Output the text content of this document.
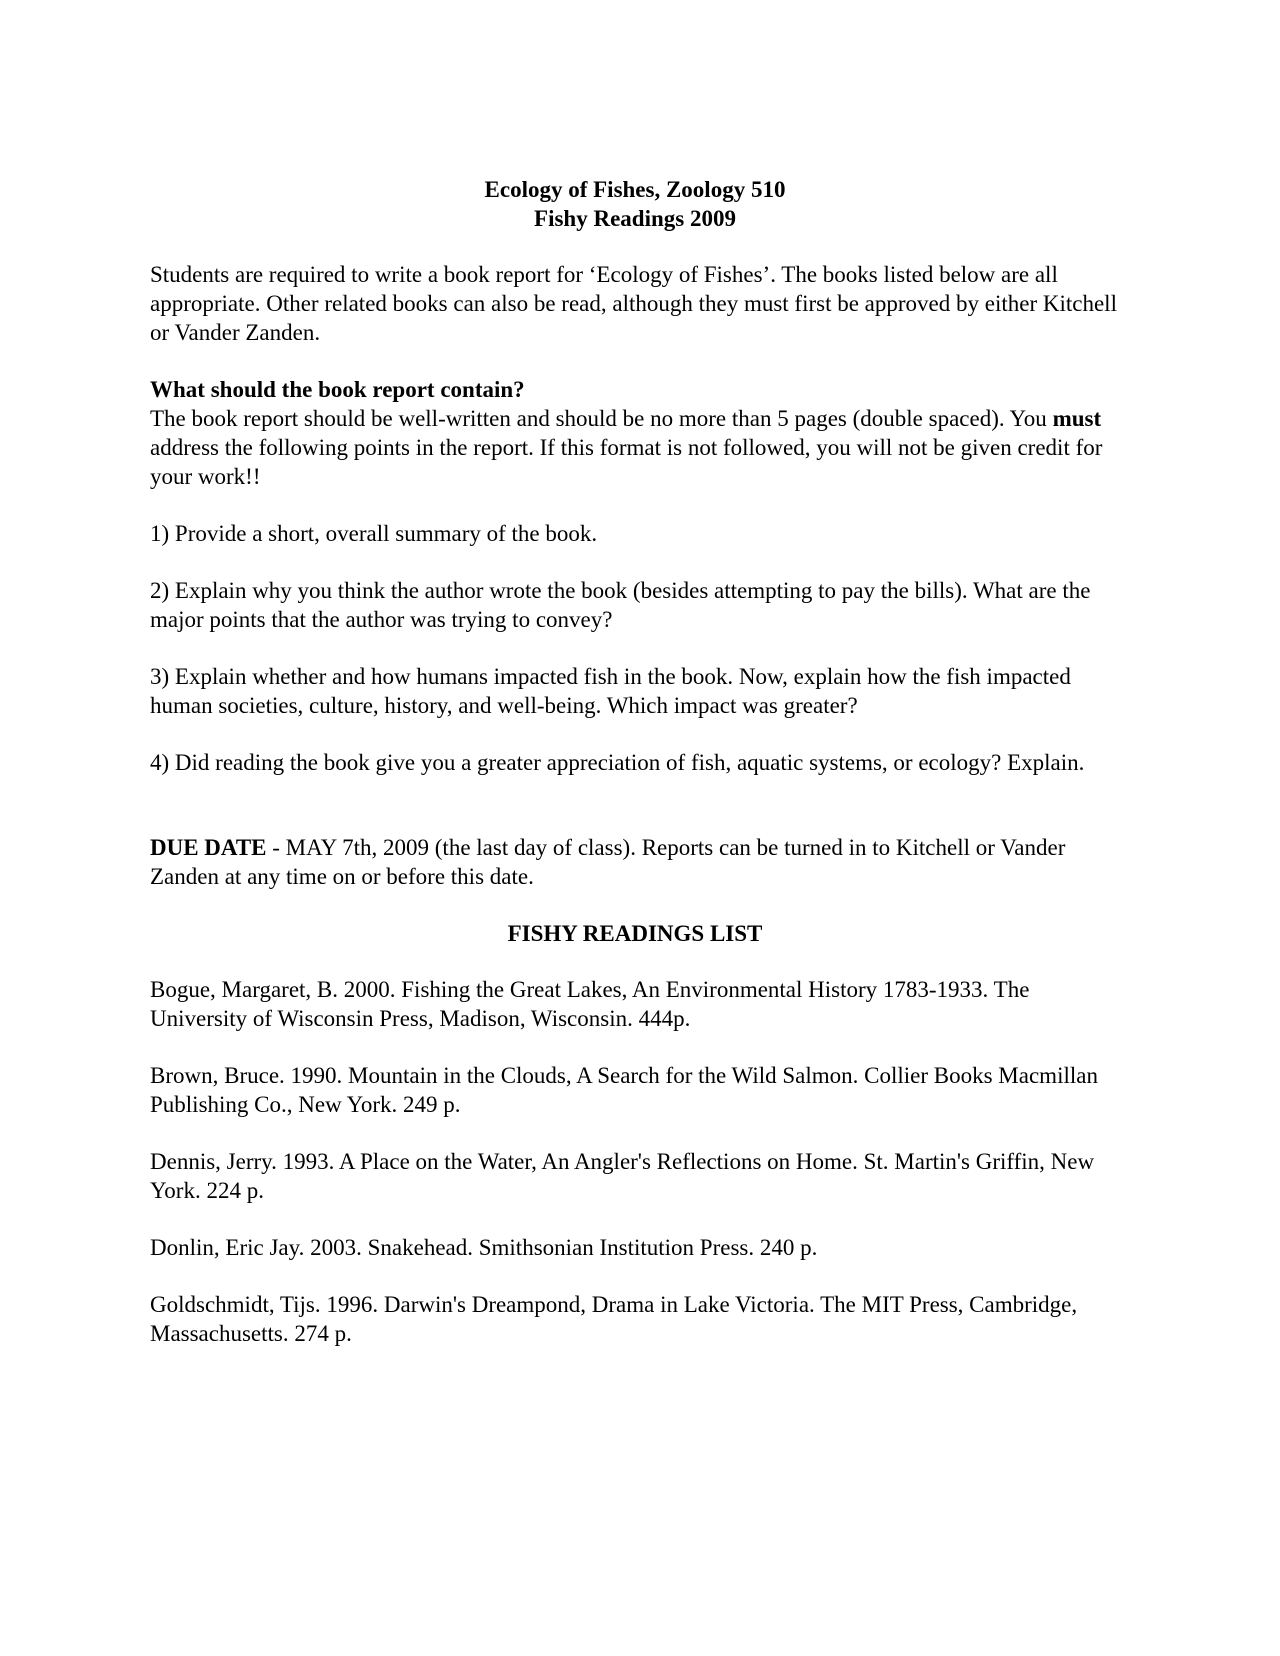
Ecology of Fishes, Zoology 510
Fishy Readings 2009

Students are required to write a book report for ‘Ecology of Fishes’. The books listed below are all appropriate. Other related books can also be read, although they must first be approved by either Kitchell or Vander Zanden.

What should the book report contain?

The book report should be well-written and should be no more than 5 pages (double spaced). You must address the following points in the report. If this format is not followed, you will not be given credit for your work!!

1) Provide a short, overall summary of the book.

2) Explain why you think the author wrote the book (besides attempting to pay the bills). What are the major points that the author was trying to convey?

3) Explain whether and how humans impacted fish in the book. Now, explain how the fish impacted human societies, culture, history, and well-being. Which impact was greater?

4) Did reading the book give you a greater appreciation of fish, aquatic systems, or ecology? Explain.

DUE DATE - MAY 7th, 2009 (the last day of class). Reports can be turned in to Kitchell or Vander Zanden at any time on or before this date.

FISHY READINGS LIST

Bogue, Margaret, B. 2000. Fishing the Great Lakes, An Environmental History 1783-1933. The University of Wisconsin Press, Madison, Wisconsin. 444p.

Brown, Bruce. 1990. Mountain in the Clouds, A Search for the Wild Salmon. Collier Books Macmillan Publishing Co., New York. 249 p.

Dennis, Jerry. 1993. A Place on the Water, An Angler's Reflections on Home. St. Martin's Griffin, New York. 224 p.

Donlin, Eric Jay. 2003. Snakehead. Smithsonian Institution Press. 240 p.

Goldschmidt, Tijs. 1996. Darwin's Dreampond, Drama in Lake Victoria. The MIT Press, Cambridge, Massachusetts. 274 p.
